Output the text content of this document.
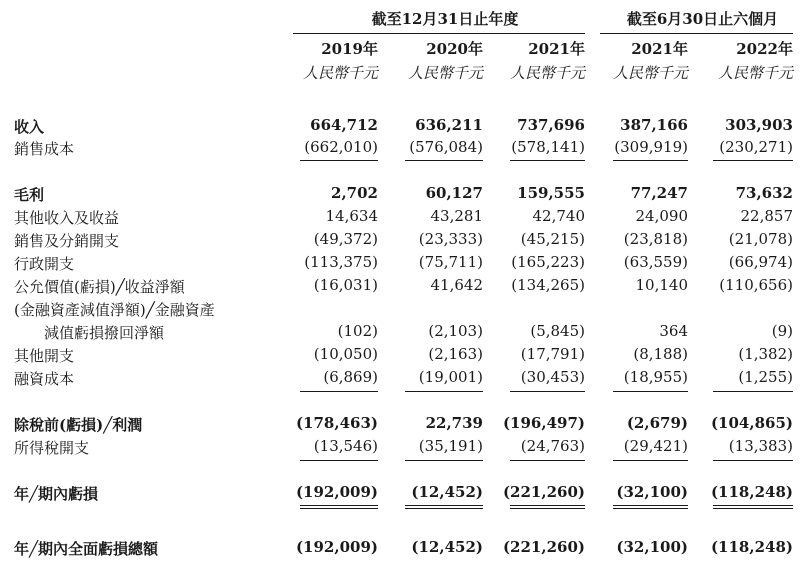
截至12月31日止年度	截至6月30日止六個月
2019年	2020年	2021年	2021年	2022年
人民幣千元	人民幣千元	人民幣千元	人民幣千元	人民幣千元
收入	664,712	636,211	737,696	387,166	303,903
銷售成本	(662,010)	(576,084)	(578,141)	(309,919)	(230,271)
毛利	2,702	60,127	159,555	77,247	73,632
其他收入及收益	14,634	43,281	42,740	24,090	22,857
銷售及分銷開支	(49,372)	(23,333)	(45,215)	(23,818)	(21,078)
行政開支	(113,375)	(75,711)	(165,223)	(63,559)	(66,974)
公允價值(虧損)╱收益淨額	(16,031)	41,642	(134,265)	10,140	(110,656)
(金融資產減值淨額)╱金融資產
減值虧損撥回淨額	(102)	(2,103)	(5,845)	364	(9)
其他開支	(10,050)	(2,163)	(17,791)	(8,188)	(1,382)
融資成本	(6,869)	(19,001)	(30,453)	(18,955)	(1,255)
除稅前(虧損)╱利潤	(178,463)	22,739	(196,497)	(2,679)	(104,865)
所得稅開支	(13,546)	(35,191)	(24,763)	(29,421)	(13,383)
年╱期內虧損	(192,009)	(12,452)	(221,260)	(32,100)	(118,248)
年╱期內全面虧損總額	(192,009)	(12,452)	(221,260)	(32,100)	(118,248)
